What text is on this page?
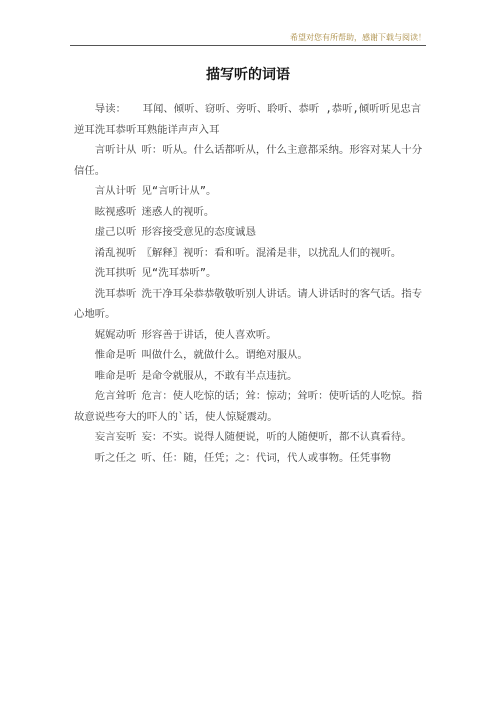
希望对您有所帮助，感谢下载与阅读！
描写听的词语

导读： 耳闻、倾听、窃听、旁听、聆听、恭听 ,恭听,倾听听见忠言逆耳洗耳恭听耳熟能详声声入耳

言听计从 听：听从。什么话都听从，什么主意都采纳。形容对某人十分信任。

言从计听 见“言听计从”。

眩视惑听 迷惑人的视听。

虚己以听 形容接受意见的态度诚恳

淆乱视听 〖解释〗视听：看和听。混淆是非，以扰乱人们的视听。

洗耳拱听 见“洗耳恭听”。

洗耳恭听 洗干净耳朵恭恭敬敬听别人讲话。请人讲话时的客气话。指专心地听。

娓娓动听 形容善于讲话，使人喜欢听。

惟命是听 叫做什么，就做什么。谓绝对服从。

唯命是听 是命令就服从，不敢有半点违抗。

危言耸听 危言：使人吃惊的话；耸：惊动；耸听：使听话的人吃惊。指故意说些夸大的吓人的`话，使人惊疑震动。

妄言妄听 妄：不实。说得人随便说，听的人随便听，都不认真看待。

听之任之 听、任：随，任凭；之：代词，代人或事物。任凭事物
